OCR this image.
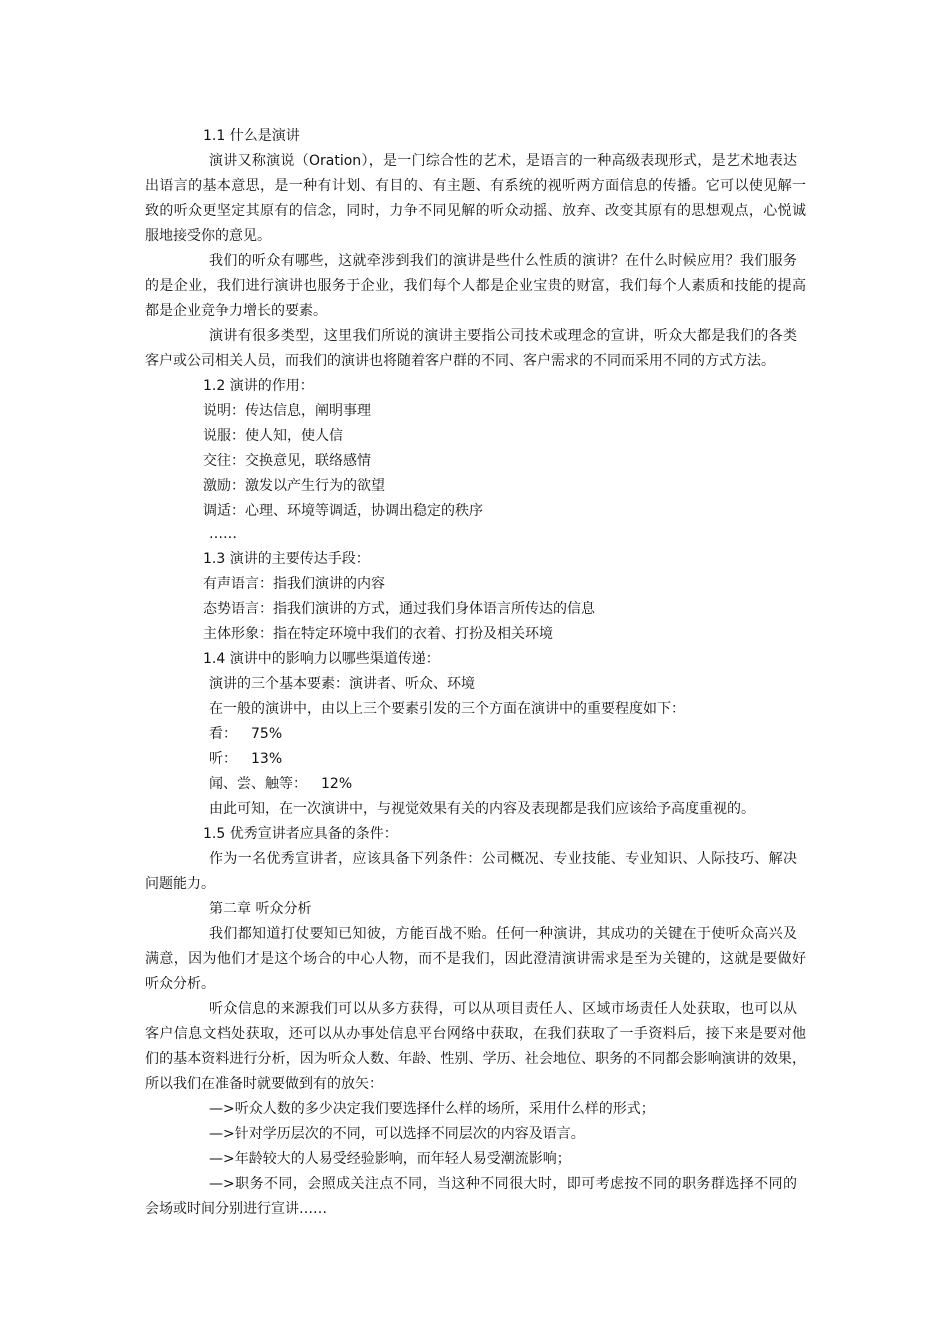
1.1 什么是演讲
演讲又称演说（Oration），是一门综合性的艺术，是语言的一种高级表现形式，是艺术地表达
出语言的基本意思，是一种有计划、有目的、有主题、有系统的视听两方面信息的传播。它可以使见解一
致的听众更坚定其原有的信念，同时，力争不同见解的听众动摇、放弃、改变其原有的思想观点，心悦诚
服地接受你的意见。
我们的听众有哪些，这就牵涉到我们的演讲是些什么性质的演讲？在什么时候应用？我们服务
的是企业，我们进行演讲也服务于企业，我们每个人都是企业宝贵的财富，我们每个人素质和技能的提高
都是企业竞争力增长的要素。
演讲有很多类型，这里我们所说的演讲主要指公司技术或理念的宣讲，听众大都是我们的各类
客户或公司相关人员，而我们的演讲也将随着客户群的不同、客户需求的不同而采用不同的方式方法。
1.2 演讲的作用：
说明：传达信息，阐明事理
说服：使人知，使人信
交往：交换意见，联络感情
激励：激发以产生行为的欲望
调适：心理、环境等调适，协调出稳定的秩序
……
1.3 演讲的主要传达手段：
有声语言：指我们演讲的内容
态势语言：指我们演讲的方式，通过我们身体语言所传达的信息
主体形象：指在特定环境中我们的衣着、打扮及相关环境
1.4 演讲中的影响力以哪些渠道传递：
演讲的三个基本要素：演讲者、听众、环境
在一般的演讲中，由以上三个要素引发的三个方面在演讲中的重要程度如下：
由此可知，在一次演讲中，与视觉效果有关的内容及表现都是我们应该给予高度重视的。
1.5 优秀宣讲者应具备的条件：
作为一名优秀宣讲者，应该具备下列条件：公司概况、专业技能、专业知识、人际技巧、解决
问题能力。
第二章 听众分析
我们都知道打仗要知已知彼，方能百战不贻。任何一种演讲，其成功的关键在于使听众高兴及
满意，因为他们才是这个场合的中心人物，而不是我们，因此澄清演讲需求是至为关键的，这就是要做好
听众分析。
听众信息的来源我们可以从多方获得，可以从项目责任人、区域市场责任人处获取，也可以从
客户信息文档处获取，还可以从办事处信息平台网络中获取，在我们获取了一手资料后，接下来是要对他
们的基本资料进行分析，因为听众人数、年龄、性别、学历、社会地位、职务的不同都会影响演讲的效果，
所以我们在准备时就要做到有的放矢：
—>听众人数的多少决定我们要选择什么样的场所，采用什么样的形式；
—>针对学历层次的不同，可以选择不同层次的内容及语言。
—>年龄较大的人易受经验影响，而年轻人易受潮流影响；
—>职务不同，会照成关注点不同，当这种不同很大时，即可考虑按不同的职务群选择不同的
会场或时间分别进行宣讲……
看： 75%
听： 13%
闻、尝、触等： 12%
